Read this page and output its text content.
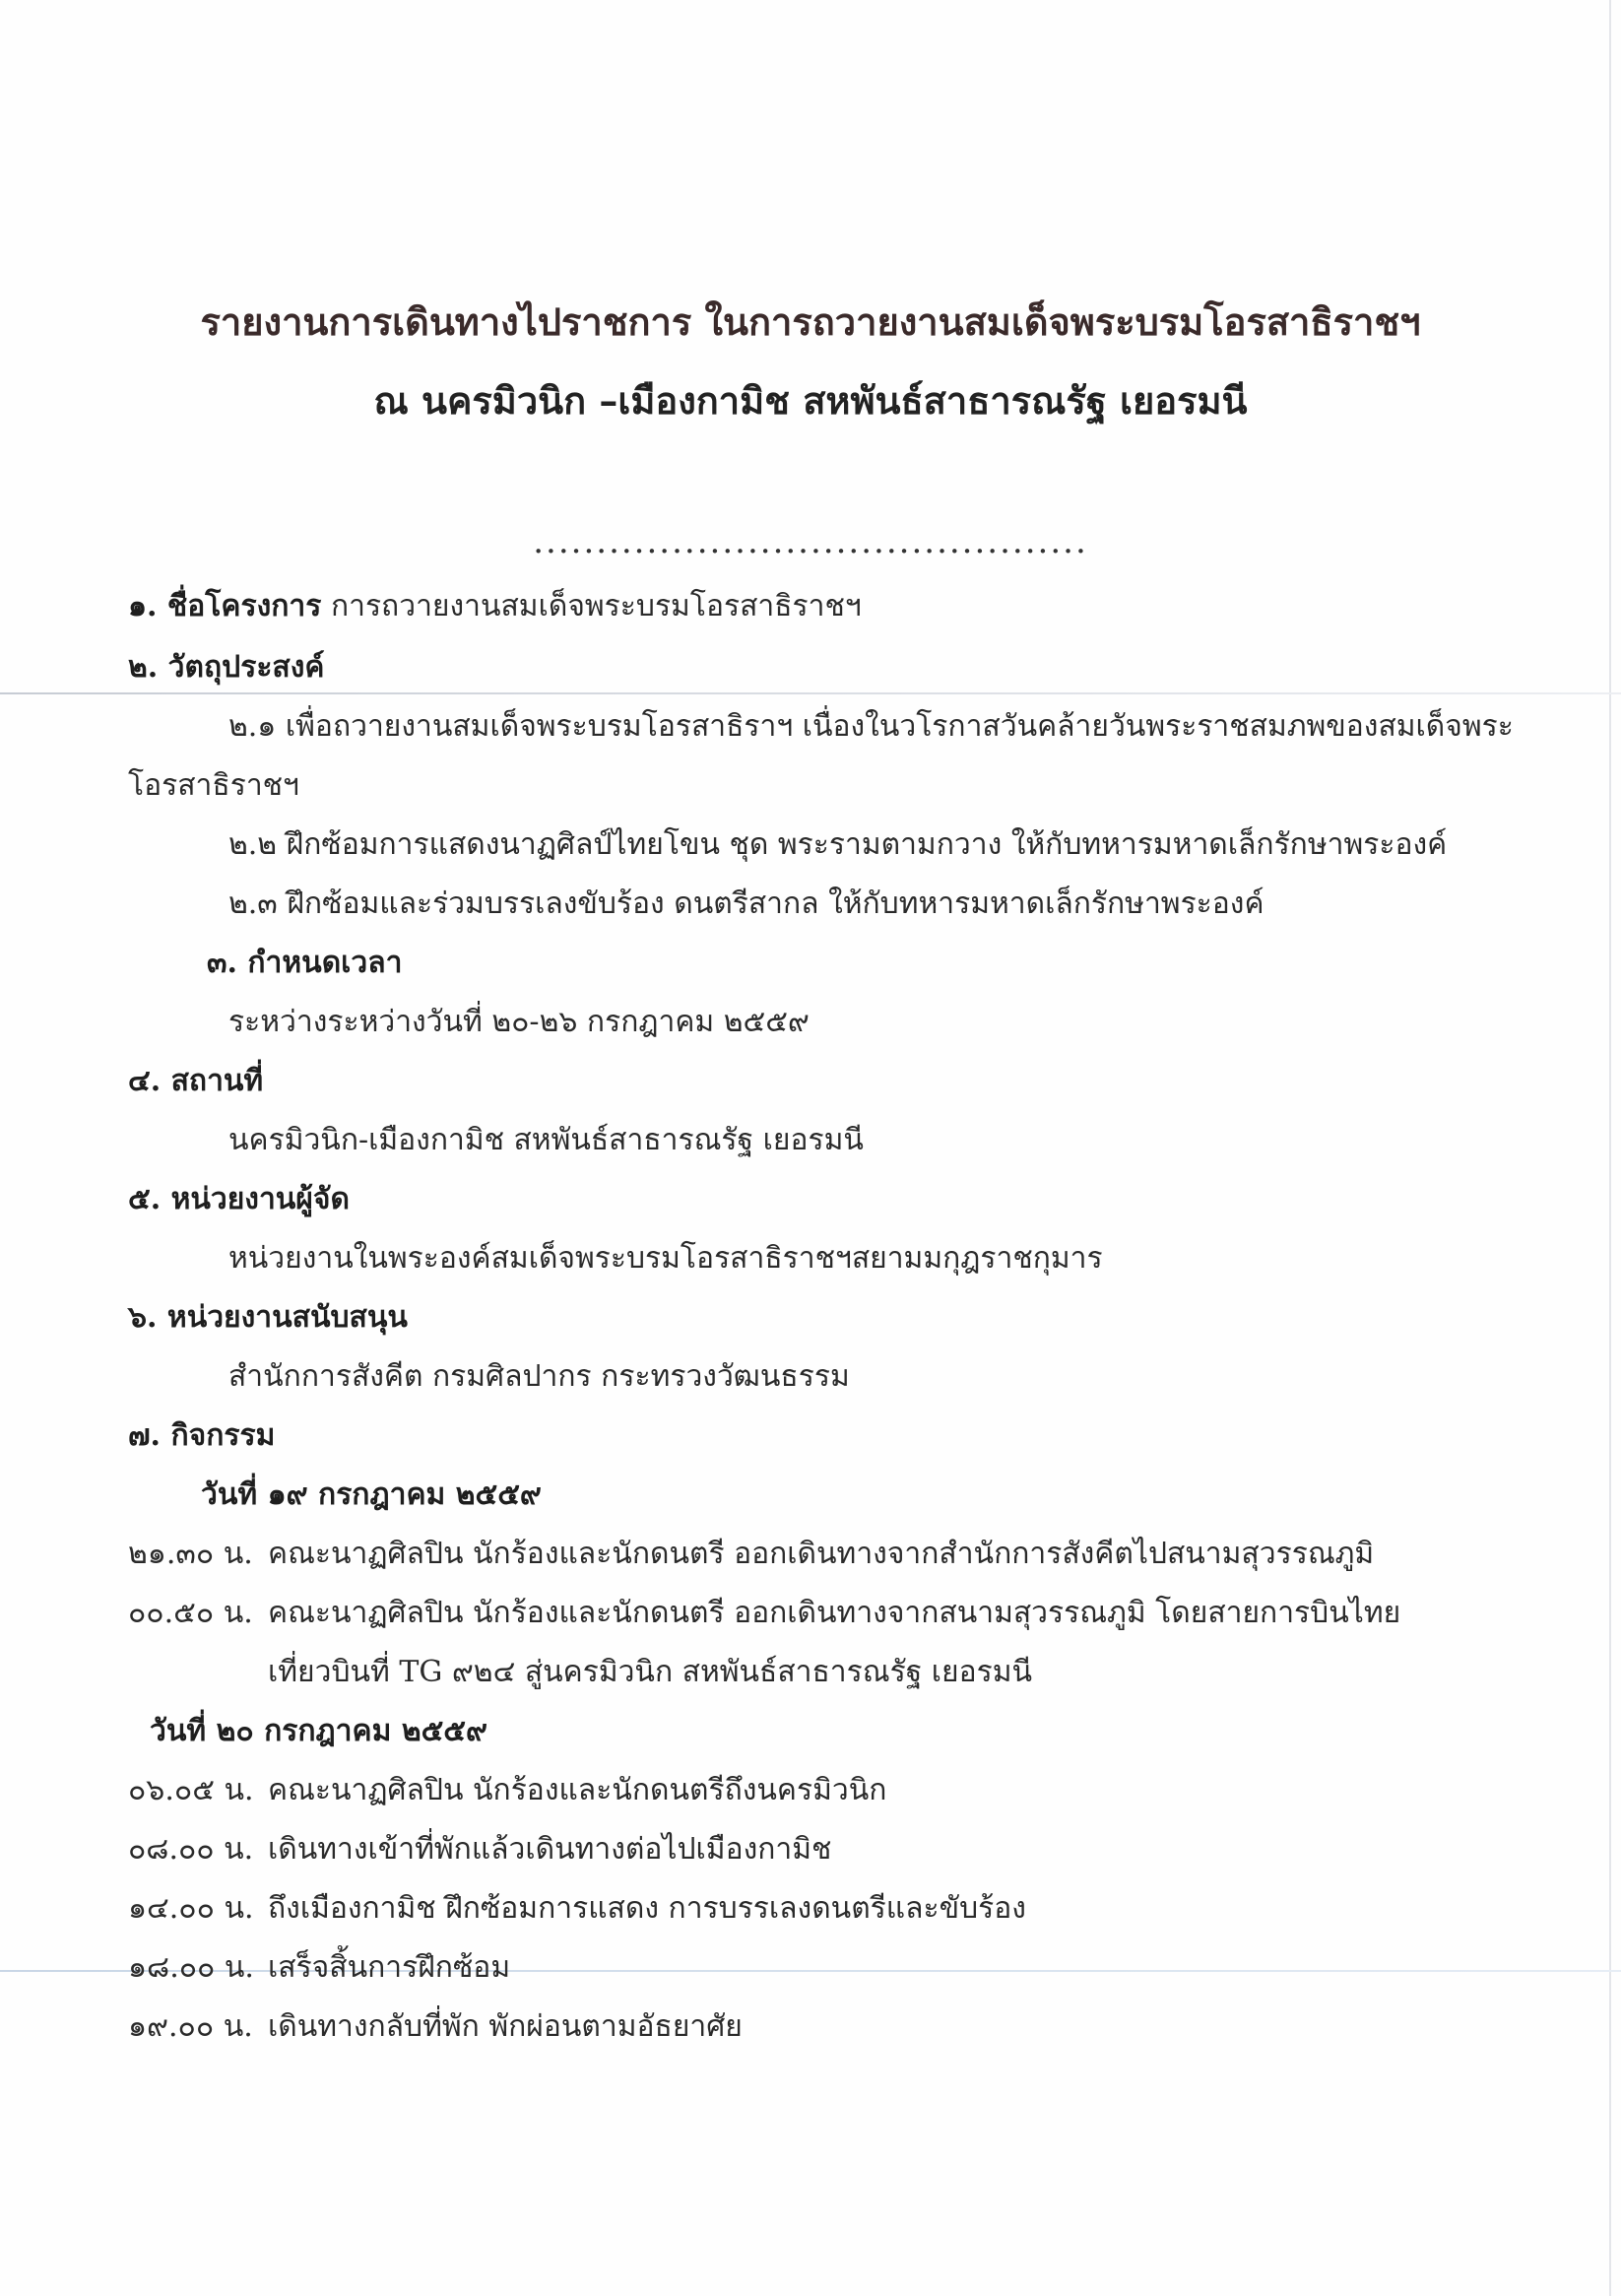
รายงานการเดินทางไปราชการ ในการถวายงานสมเด็จพระบรมโอรสาธิราชฯ
ณ นครมิวนิก –เมืองกามิช สหพันธ์สาธารณรัฐ เยอรมนี
............................................
๑. ชื่อโครงการ การถวายงานสมเด็จพระบรมโอรสาธิราชฯ
๒. วัตถุประสงค์
๒.๑ เพื่อถวายงานสมเด็จพระบรมโอรสาธิราฯ เนื่องในวโรกาสวันคล้ายวันพระราชสมภพของสมเด็จพระ
โอรสาธิราชฯ
๒.๒ ฝึกซ้อมการแสดงนาฏศิลป์ไทยโขน ชุด พระรามตามกวาง ให้กับทหารมหาดเล็กรักษาพระองค์
๒.๓ ฝึกซ้อมและร่วมบรรเลงขับร้อง ดนตรีสากล ให้กับทหารมหาดเล็กรักษาพระองค์
๓. กำหนดเวลา
ระหว่างระหว่างวันที่ ๒๐-๒๖ กรกฎาคม ๒๕๕๙
๔. สถานที่
นครมิวนิก-เมืองกามิช สหพันธ์สาธารณรัฐ เยอรมนี
๕. หน่วยงานผู้จัด
หน่วยงานในพระองค์สมเด็จพระบรมโอรสาธิราชฯสยามมกุฎราชกุมาร
๖. หน่วยงานสนับสนุน
สำนักการสังคีต กรมศิลปากร กระทรวงวัฒนธรรม
๗. กิจกรรม
วันที่ ๑๙ กรกฎาคม ๒๕๕๙
๒๑.๓๐ น. คณะนาฏศิลปิน นักร้องและนักดนตรี ออกเดินทางจากสำนักการสังคีตไปสนามสุวรรณภูมิ
๐๐.๕๐ น. คณะนาฏศิลปิน นักร้องและนักดนตรี ออกเดินทางจากสนามสุวรรณภูมิ โดยสายการบินไทย
เที่ยวบินที่ TG ๙๒๔ สู่นครมิวนิก สหพันธ์สาธารณรัฐ เยอรมนี
วันที่ ๒๐ กรกฎาคม ๒๕๕๙
๐๖.๐๕ น. คณะนาฏศิลปิน นักร้องและนักดนตรีถึงนครมิวนิก
๐๘.๐๐ น. เดินทางเข้าที่พักแล้วเดินทางต่อไปเมืองกามิช
๑๔.๐๐ น. ถึงเมืองกามิช ฝึกซ้อมการแสดง การบรรเลงดนตรีและขับร้อง
๑๘.๐๐ น. เสร็จสิ้นการฝึกซ้อม
๑๙.๐๐ น. เดินทางกลับที่พัก พักผ่อนตามอัธยาศัย
